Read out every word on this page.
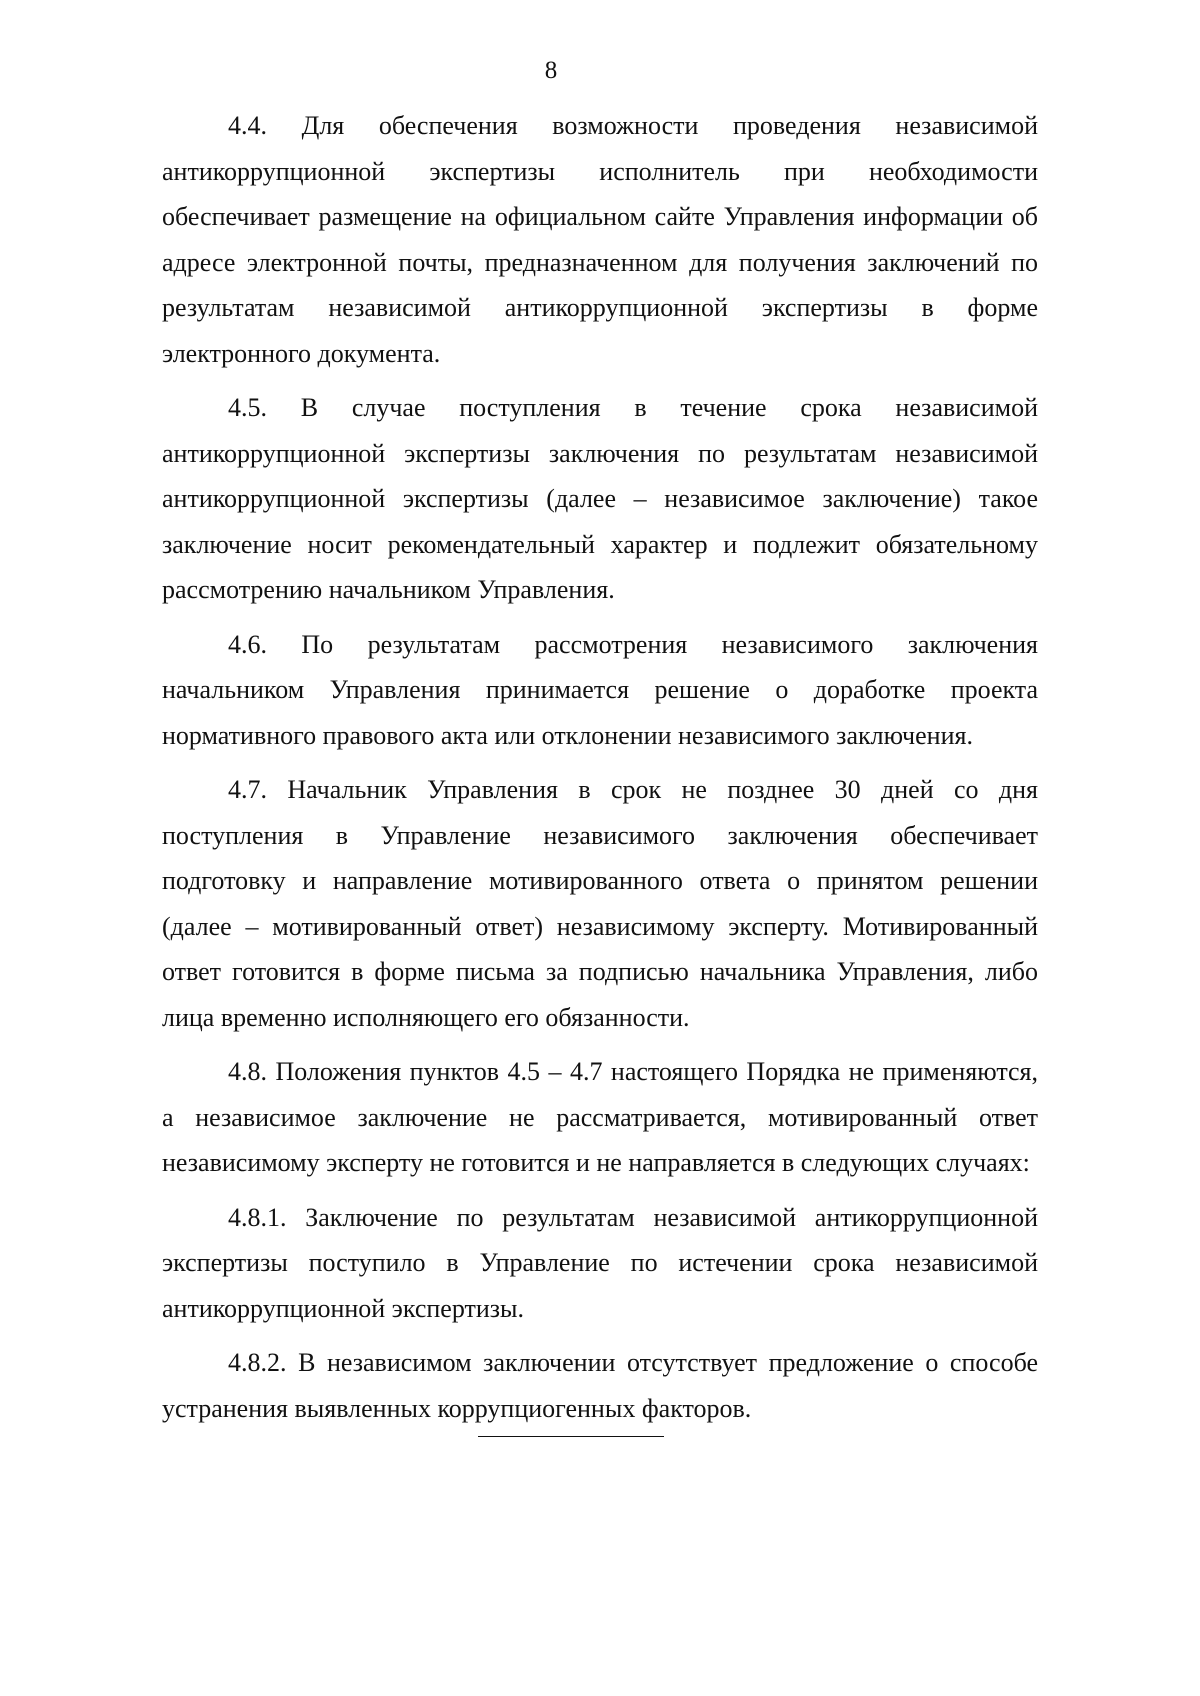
8

4.4. Для обеспечения возможности проведения независимой антикоррупционной экспертизы исполнитель при необходимости обеспечивает размещение на официальном сайте Управления информации об адресе электронной почты, предназначенном для получения заключений по результатам независимой антикоррупционной экспертизы в форме электронного документа.

4.5. В случае поступления в течение срока независимой антикоррупционной экспертизы заключения по результатам независимой антикоррупционной экспертизы (далее – независимое заключение) такое заключение носит рекомендательный характер и подлежит обязательному рассмотрению начальником Управления.

4.6. По результатам рассмотрения независимого заключения начальником Управления принимается решение о доработке проекта нормативного правового акта или отклонении независимого заключения.

4.7. Начальник Управления в срок не позднее 30 дней со дня поступления в Управление независимого заключения обеспечивает подготовку и направление мотивированного ответа о принятом решении (далее – мотивированный ответ) независимому эксперту. Мотивированный ответ готовится в форме письма за подписью начальника Управления, либо лица временно исполняющего его обязанности.

4.8. Положения пунктов 4.5 – 4.7 настоящего Порядка не применяются, а независимое заключение не рассматривается, мотивированный ответ независимому эксперту не готовится и не направляется в следующих случаях:

4.8.1. Заключение по результатам независимой антикоррупционной экспертизы поступило в Управление по истечении срока независимой антикоррупционной экспертизы.

4.8.2. В независимом заключении отсутствует предложение о способе устранения выявленных коррупциогенных факторов.
